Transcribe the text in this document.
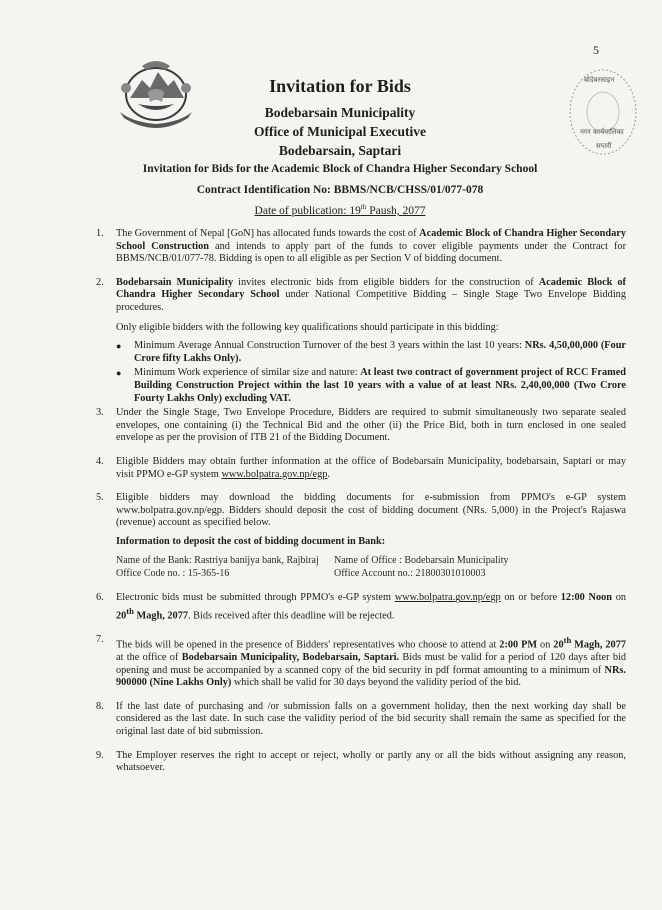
5
बोदेबरसाइन
नगर कार्यपालिका
सप्तरी
Invitation for Bids
Bodebarsain Municipality
Office of Municipal Executive
Bodebarsain, Saptari
Invitation for Bids for the Academic Block of Chandra Higher Secondary School
Contract Identification No: BBMS/NCB/CHSS/01/077-078
Date of publication: 19th Paush, 2077
1.	The Government of Nepal [GoN] has allocated funds towards the cost of Academic Block of Chandra Higher Secondary School Construction and intends to apply part of the funds to cover eligible payments under the Contract for BBMS/NCB/01/077-78. Bidding is open to all eligible as per Section V of bidding document.
2.	Bodebarsain Municipality invites electronic bids from eligible bidders for the construction of Academic Block of Chandra Higher Secondary School under National Competitive Bidding – Single Stage Two Envelope Bidding procedures.
Only eligible bidders with the following key qualifications should participate in this bidding:
●	Minimum Average Annual Construction Turnover of the best 3 years within the last 10 years: NRs. 4,50,00,000 (Four Crore fifty Lakhs Only).
●	Minimum Work experience of similar size and nature: At least two contract of government project of RCC Framed Building Construction Project within the last 10 years with a value of at least NRs. 2,40,00,000 (Two Crore Fourty Lakhs Only) excluding VAT.
3.	Under the Single Stage, Two Envelope Procedure, Bidders are required to submit simultaneously two separate sealed envelopes, one containing (i) the Technical Bid and the other (ii) the Price Bid, both in turn enclosed in one sealed envelope as per the provision of ITB 21 of the Bidding Document.
4.	Eligible Bidders may obtain further information at the office of Bodebarsain Municipality, bodebarsain, Saptari or may visit PPMO e-GP system www.bolpatra.gov.np/egp.
5.	Eligible bidders may download the bidding documents for e-submission from PPMO's e-GP system www.bolpatra.gov.np/egp. Bidders should deposit the cost of bidding document (NRs. 5,000) in the Project's Rajaswa (revenue) account as specified below.
Information to deposit the cost of bidding document in Bank:
Name of the Bank: Rastriya banijya bank, Rajbiraj	Name of Office : Bodebarsain Municipality
Office Code no. : 15-365-16	Office Account no.: 21800301010003
6.	Electronic bids must be submitted through PPMO's e-GP system www.bolpatra.gov.np/egp on or before 12:00 Noon on 20th Magh, 2077. Bids received after this deadline will be rejected.
7.	The bids will be opened in the presence of Bidders' representatives who choose to attend at 2:00 PM on 20th Magh, 2077 at the office of Bodebarsain Municipality, Bodebarsain, Saptari. Bids must be valid for a period of 120 days after bid opening and must be accompanied by a scanned copy of the bid security in pdf format amounting to a minimum of NRs. 900000 (Nine Lakhs Only) which shall be valid for 30 days beyond the validity period of the bid.
8.	If the last date of purchasing and /or submission falls on a government holiday, then the next working day shall be considered as the last date. In such case the validity period of the bid security shall remain the same as specified for the original last date of bid submission.
9.	The Employer reserves the right to accept or reject, wholly or partly any or all the bids without assigning any reason, whatsoever.
